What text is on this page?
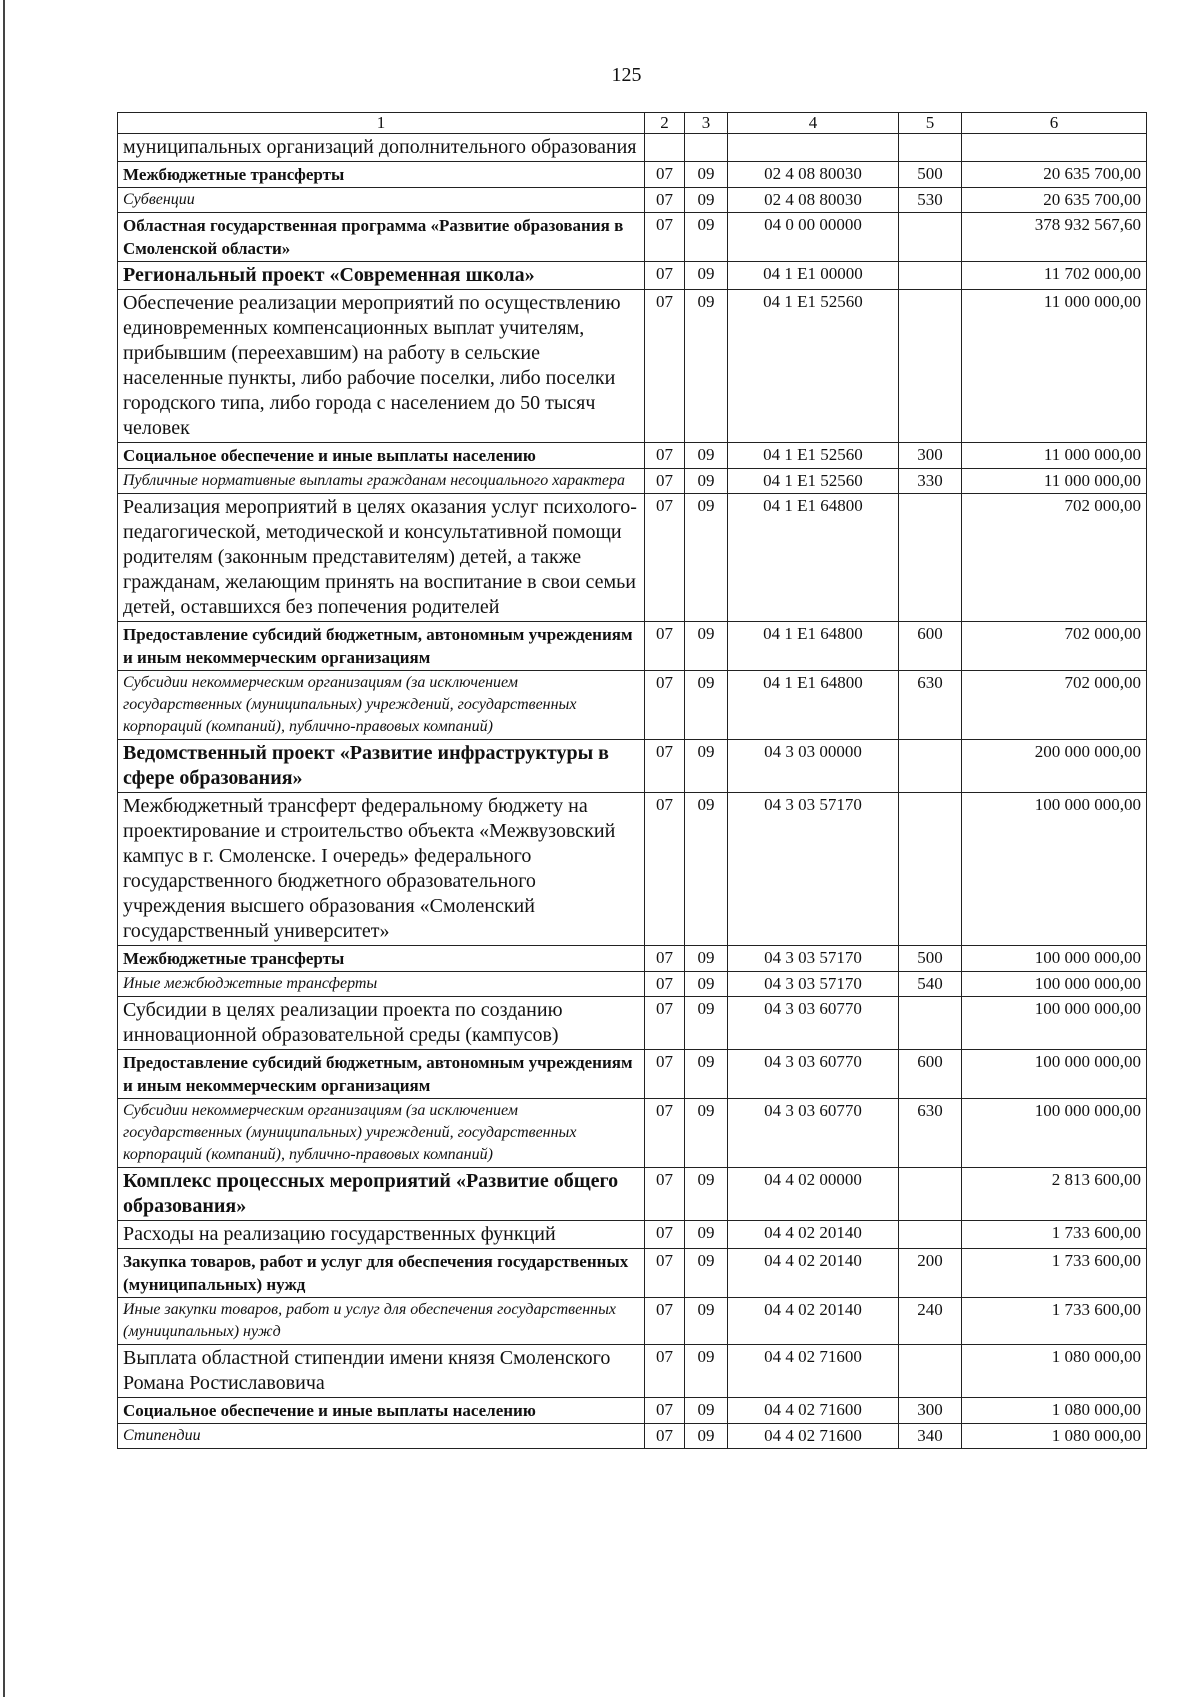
125
1	2	3	4	5	6
муниципальных организаций дополнительного образования					
Межбюджетные трансферты	07	09	02 4 08 80030	500	20 635 700,00
Субвенции	07	09	02 4 08 80030	530	20 635 700,00
Областная государственная программа «Развитие образования в Смоленской области»	07	09	04 0 00 00000		378 932 567,60
Региональный проект «Современная школа»	07	09	04 1 E1 00000		11 702 000,00
Обеспечение реализации мероприятий по осуществлению единовременных компенсационных выплат учителям, прибывшим (переехавшим) на работу в сельские населенные пункты, либо рабочие поселки, либо поселки городского типа, либо города с населением до 50 тысяч человек	07	09	04 1 E1 52560		11 000 000,00
Социальное обеспечение и иные выплаты населению	07	09	04 1 E1 52560	300	11 000 000,00
Публичные нормативные выплаты гражданам несоциального характера	07	09	04 1 E1 52560	330	11 000 000,00
Реализация мероприятий в целях оказания услуг психолого-педагогической, методической и консультативной помощи родителям (законным представителям) детей, а также гражданам, желающим принять на воспитание в свои семьи детей, оставшихся без попечения родителей	07	09	04 1 E1 64800		702 000,00
Предоставление субсидий бюджетным, автономным учреждениям и иным некоммерческим организациям	07	09	04 1 E1 64800	600	702 000,00
Субсидии некоммерческим организациям (за исключением государственных (муниципальных) учреждений, государственных корпораций (компаний), публично-правовых компаний)	07	09	04 1 E1 64800	630	702 000,00
Ведомственный проект «Развитие инфраструктуры в сфере образования»	07	09	04 3 03 00000		200 000 000,00
Межбюджетный трансферт федеральному бюджету на проектирование и строительство объекта «Межвузовский кампус в г. Смоленске. I очередь» федерального государственного бюджетного образовательного учреждения высшего образования «Смоленский государственный университет»	07	09	04 3 03 57170		100 000 000,00
Межбюджетные трансферты	07	09	04 3 03 57170	500	100 000 000,00
Иные межбюджетные трансферты	07	09	04 3 03 57170	540	100 000 000,00
Субсидии в целях реализации проекта по созданию инновационной образовательной среды (кампусов)	07	09	04 3 03 60770		100 000 000,00
Предоставление субсидий бюджетным, автономным учреждениям и иным некоммерческим организациям	07	09	04 3 03 60770	600	100 000 000,00
Субсидии некоммерческим организациям (за исключением государственных (муниципальных) учреждений, государственных корпораций (компаний), публично-правовых компаний)	07	09	04 3 03 60770	630	100 000 000,00
Комплекс процессных мероприятий «Развитие общего образования»	07	09	04 4 02 00000		2 813 600,00
Расходы на реализацию государственных функций	07	09	04 4 02 20140		1 733 600,00
Закупка товаров, работ и услуг для обеспечения государственных (муниципальных) нужд	07	09	04 4 02 20140	200	1 733 600,00
Иные закупки товаров, работ и услуг для обеспечения государственных (муниципальных) нужд	07	09	04 4 02 20140	240	1 733 600,00
Выплата областной стипендии имени князя Смоленского Романа Ростиславовича	07	09	04 4 02 71600		1 080 000,00
Социальное обеспечение и иные выплаты населению	07	09	04 4 02 71600	300	1 080 000,00
Стипендии	07	09	04 4 02 71600	340	1 080 000,00
